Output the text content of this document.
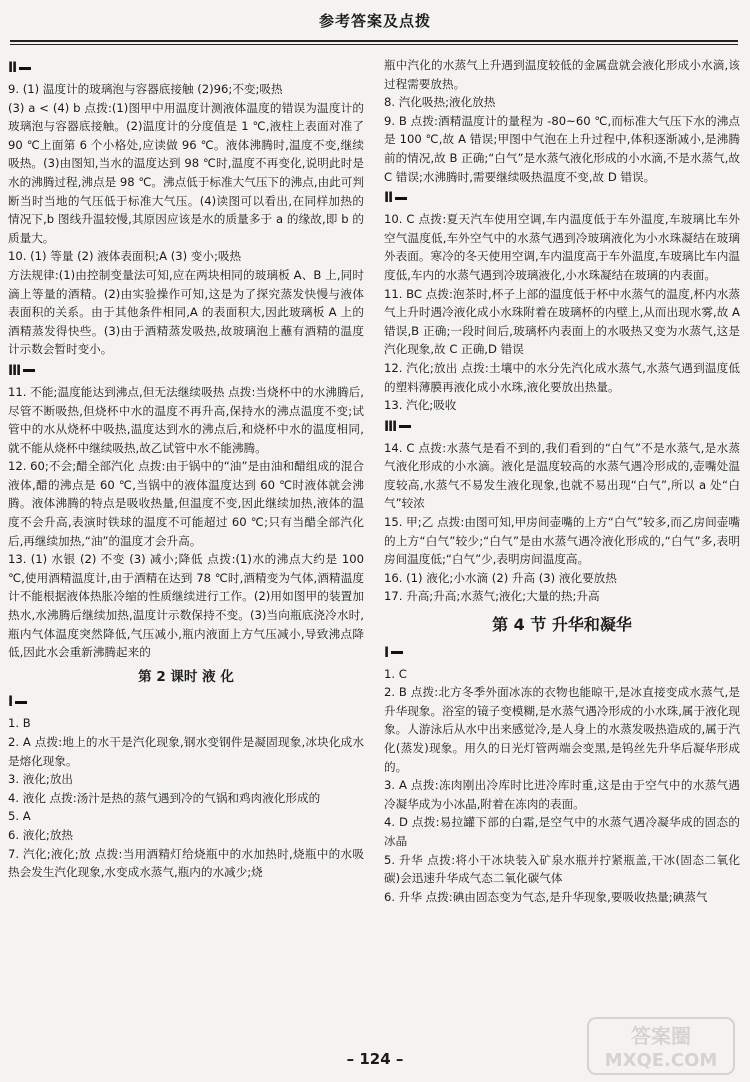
参考答案及点拨
Ⅱ

9. (1) 温度计的玻璃泡与容器底接触 (2)96;不变;吸热

(3) a < (4) b 点拨:(1)图甲中用温度计测液体温度的错误为温度计的玻璃泡与容器底接触。(2)温度计的分度值是 1 ℃,液柱上表面对准了 90 ℃上面第 6 个小格处,应读做 96 ℃。液体沸腾时,温度不变,继续吸热。(3)由图知,当水的温度达到 98 ℃时,温度不再变化,说明此时是水的沸腾过程,沸点是 98 ℃。沸点低于标准大气压下的沸点,由此可判断当时当地的气压低于标准大气压。(4)读图可以看出,在同样加热的情况下,b 图线升温较慢,其原因应该是水的质量多于 a 的缘故,即 b 的质量大。

10. (1) 等量 (2) 液体表面积;A (3) 变小;吸热

方法规律:(1)由控制变量法可知,应在两块相同的玻璃板 A、B 上,同时滴上等量的酒精。(2)由实验操作可知,这是为了探究蒸发快慢与液体表面积的关系。由于其他条件相同,A 的表面积大,因此玻璃板 A 上的酒精蒸发得快些。(3)由于酒精蒸发吸热,故玻璃泡上蘸有酒精的温度计示数会暂时变小。

Ⅲ

11. 不能;温度能达到沸点,但无法继续吸热 点拨:当烧杯中的水沸腾后,尽管不断吸热,但烧杯中水的温度不再升高,保持水的沸点温度不变;试管中的水从烧杯中吸热,温度达到水的沸点后,和烧杯中水的温度相同,就不能从烧杯中继续吸热,故乙试管中水不能沸腾。

12. 60;不会;醋全部汽化 点拨:由于锅中的“油”是由油和醋组成的混合液体,醋的沸点是 60 ℃,当锅中的液体温度达到 60 ℃时液体就会沸腾。液体沸腾的特点是吸收热量,但温度不变,因此继续加热,液体的温度不会升高,表演时铁球的温度不可能超过 60 ℃;只有当醋全部汽化后,再继续加热,“油”的温度才会升高。

13. (1) 水银 (2) 不变 (3) 减小;降低 点拨:(1)水的沸点大约是 100 ℃,使用酒精温度计,由于酒精在达到 78 ℃时,酒精变为气体,酒精温度计不能根据液体热胀冷缩的性质继续进行工作。(2)用如图甲的装置加热水,水沸腾后继续加热,温度计示数保持不变。(3)当向瓶底浇冷水时,瓶内气体温度突然降低,气压减小,瓶内液面上方气压减小,导致沸点降低,因此水会重新沸腾起来的

第 2 课时 液 化
Ⅰ

1. B

2. A 点拨:地上的水干是汽化现象,钢水变钢件是凝固现象,冰块化成水是熔化现象。

3. 液化;放出

4. 液化 点拨:汤汁是热的蒸气遇到冷的气锅和鸡肉液化形成的

5. A

6. 液化;放热

7. 汽化;液化;放 点拨:当用酒精灯给烧瓶中的水加热时,烧瓶中的水吸热会发生汽化现象,水变成水蒸气,瓶内的水减少;烧

瓶中汽化的水蒸气上升遇到温度较低的金属盘就会液化形成小水滴,该过程需要放热。

8. 汽化吸热;液化放热

9. B 点拨:酒精温度计的量程为 -80~60 ℃,而标准大气压下水的沸点是 100 ℃,故 A 错误;甲图中气泡在上升过程中,体积逐渐减小,是沸腾前的情况,故 B 正确;“白气”是水蒸气液化形成的小水滴,不是水蒸气,故 C 错误;水沸腾时,需要继续吸热温度不变,故 D 错误。

Ⅱ

10. C 点拨:夏天汽车使用空调,车内温度低于车外温度,车玻璃比车外空气温度低,车外空气中的水蒸气遇到冷玻璃液化为小水珠凝结在玻璃外表面。寒冷的冬天使用空调,车内温度高于车外温度,车玻璃比车内温度低,车内的水蒸气遇到冷玻璃液化,小水珠凝结在玻璃的内表面。

11. BC 点拨:泡茶时,杯子上部的温度低于杯中水蒸气的温度,杯内水蒸气上升时遇冷液化成小水珠附着在玻璃杯的内壁上,从而出现水雾,故 A 错误,B 正确;一段时间后,玻璃杯内表面上的水吸热又变为水蒸气,这是汽化现象,故 C 正确,D 错误

12. 汽化;放出 点拨:土壤中的水分先汽化成水蒸气,水蒸气遇到温度低的塑料薄膜再液化成小水珠,液化要放出热量。

13. 汽化;吸收

Ⅲ

14. C 点拨:水蒸气是看不到的,我们看到的“白气”不是水蒸气,是水蒸气液化形成的小水滴。液化是温度较高的水蒸气遇冷形成的,壶嘴处温度较高,水蒸气不易发生液化现象,也就不易出现“白气”,所以 a 处“白气”较浓

15. 甲;乙 点拨:由图可知,甲房间壶嘴的上方“白气”较多,而乙房间壶嘴的上方“白气”较少;“白气”是由水蒸气遇冷液化形成的,“白气”多,表明房间温度低;“白气”少,表明房间温度高。

16. (1) 液化;小水滴 (2) 升高 (3) 液化要放热

17. 升高;升高;水蒸气;液化;大量的热;升高

第 4 节 升华和凝华
Ⅰ

1. C

2. B 点拨:北方冬季外面冰冻的衣物也能晾干,是冰直接变成水蒸气,是升华现象。浴室的镜子变模糊,是水蒸气遇冷形成的小水珠,属于液化现象。人游泳后从水中出来感觉冷,是人身上的水蒸发吸热造成的,属于汽化(蒸发)现象。用久的日光灯管两端会变黑,是钨丝先升华后凝华形成的。

3. A 点拨:冻肉刚出冷库时比进冷库时重,这是由于空气中的水蒸气遇冷凝华成为小冰晶,附着在冻肉的表面。

4. D 点拨:易拉罐下部的白霜,是空气中的水蒸气遇冷凝华成的固态的冰晶

5. 升华 点拨:将小干冰块装入矿泉水瓶并拧紧瓶盖,干冰(固态二氧化碳)会迅速升华成气态二氧化碳气体

6. 升华 点拨:碘由固态变为气态,是升华现象,要吸收热量;碘蒸气

– 124 –
答案圈
MXQE.COM
